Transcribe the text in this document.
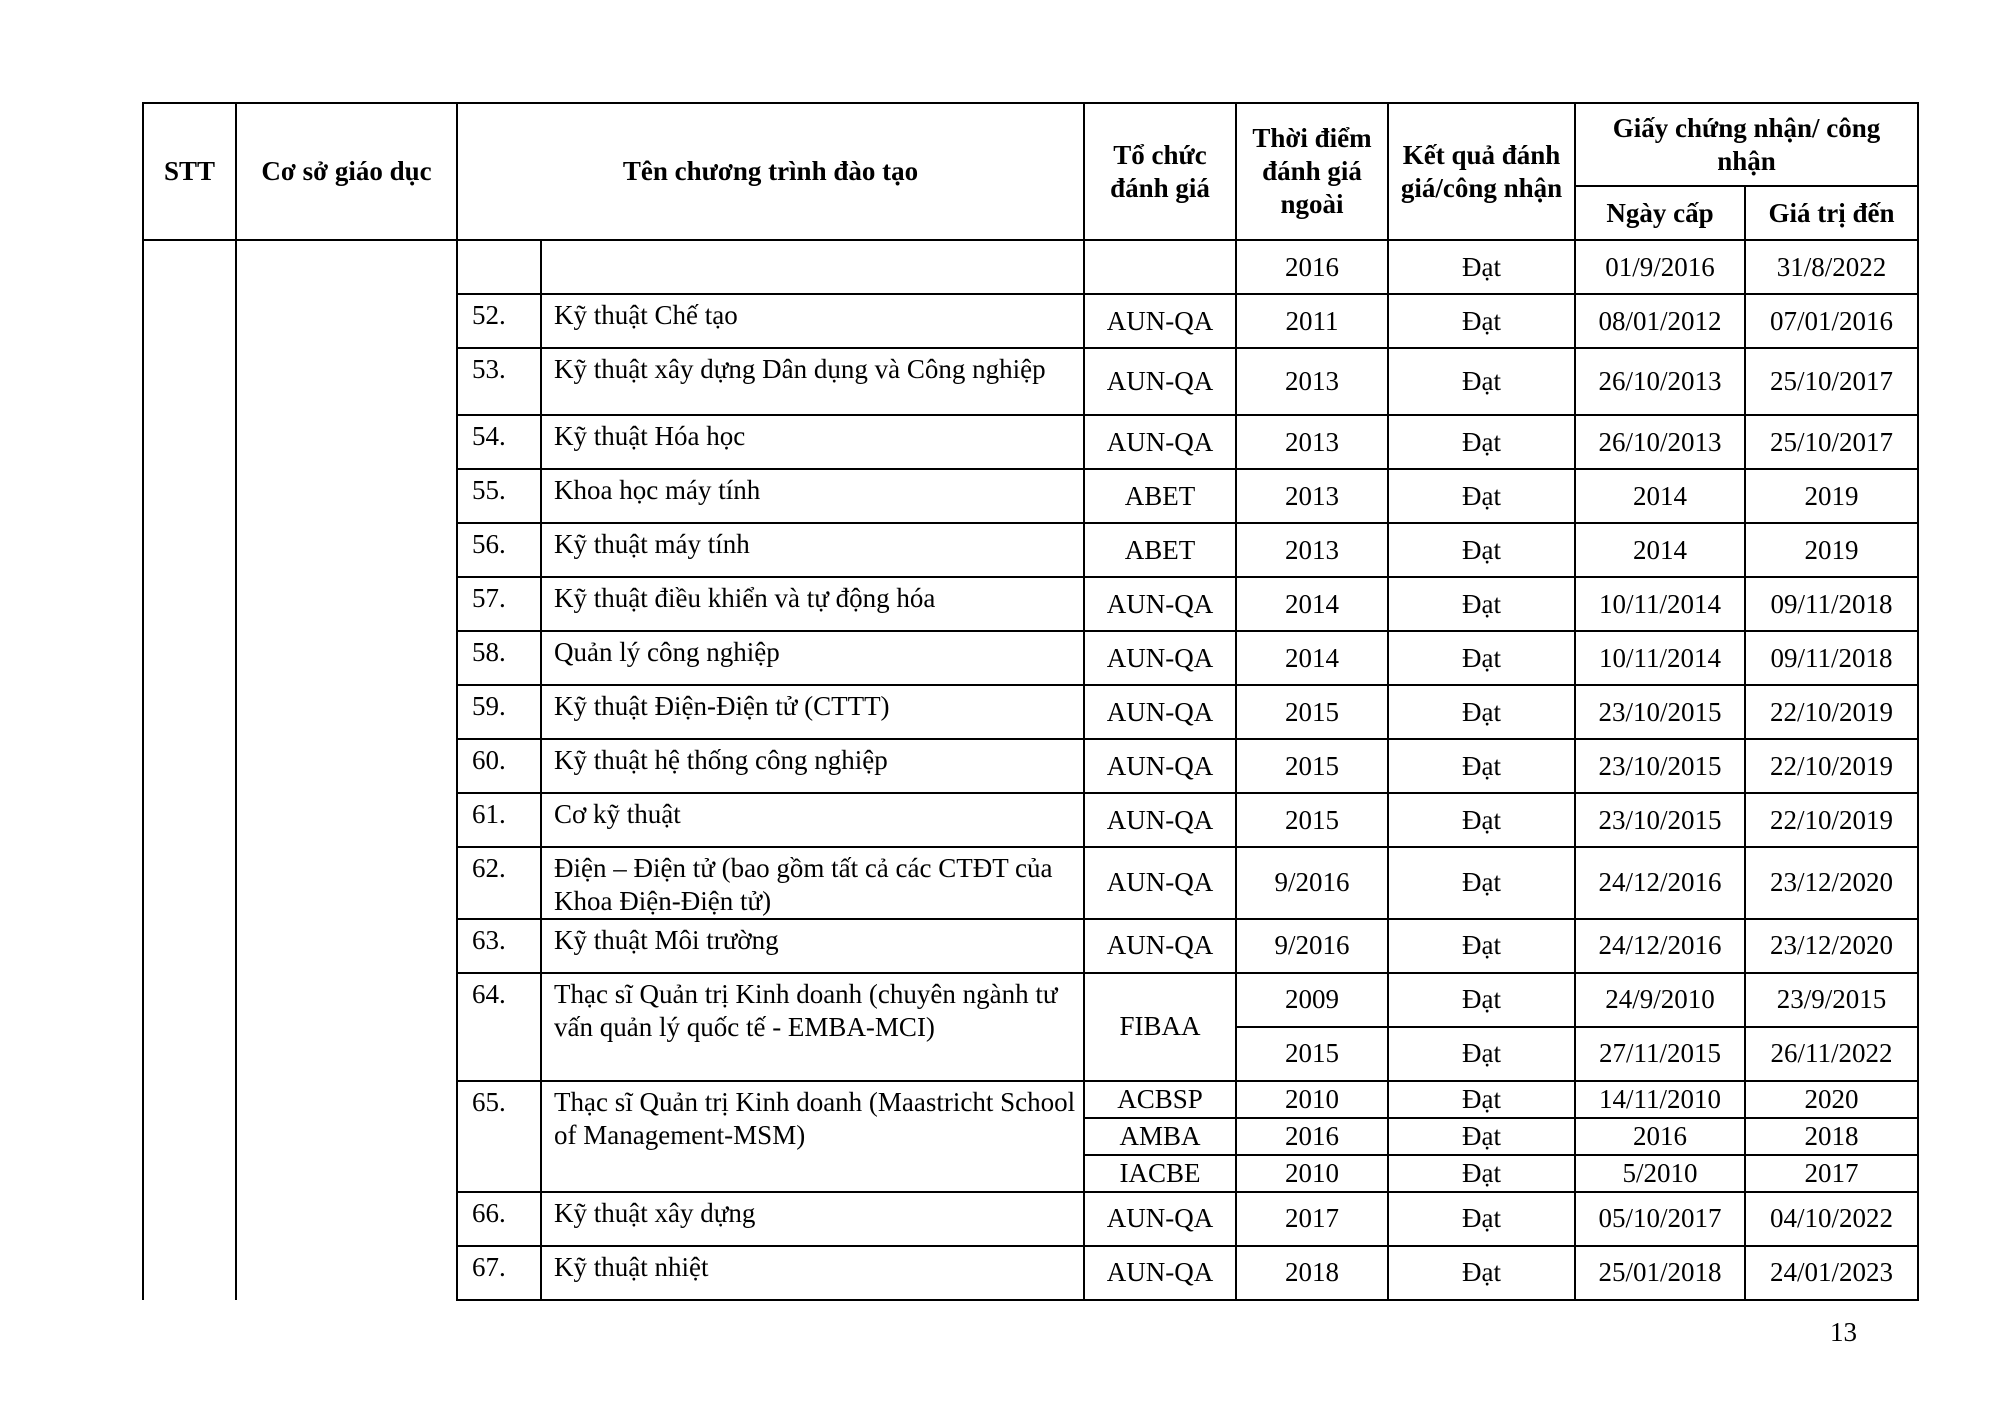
STT	Cơ sở giáo dục	Tên chương trình đào tạo		Tổ chức đánh giá	Thời điểm đánh giá ngoài	Kết quả đánh giá/công nhận	Giấy chứng nhận/ công nhận	
							Ngày cấp	Giá trị đến
					2016	Đạt	01/9/2016	31/8/2022
		52.	Kỹ thuật Chế tạo	AUN-QA	2011	Đạt	08/01/2012	07/01/2016
		53.	Kỹ thuật xây dựng Dân dụng và Công nghiệp	AUN-QA	2013	Đạt	26/10/2013	25/10/2017
		54.	Kỹ thuật Hóa học	AUN-QA	2013	Đạt	26/10/2013	25/10/2017
		55.	Khoa học máy tính	ABET	2013	Đạt	2014	2019
		56.	Kỹ thuật máy tính	ABET	2013	Đạt	2014	2019
		57.	Kỹ thuật điều khiển và tự động hóa	AUN-QA	2014	Đạt	10/11/2014	09/11/2018
		58.	Quản lý công nghiệp	AUN-QA	2014	Đạt	10/11/2014	09/11/2018
		59.	Kỹ thuật Điện-Điện tử (CTTT)	AUN-QA	2015	Đạt	23/10/2015	22/10/2019
		60.	Kỹ thuật hệ thống công nghiệp	AUN-QA	2015	Đạt	23/10/2015	22/10/2019
		61.	Cơ kỹ thuật	AUN-QA	2015	Đạt	23/10/2015	22/10/2019
		62.	Điện – Điện tử (bao gồm tất cả các CTĐT của Khoa Điện-Điện tử)	AUN-QA	9/2016	Đạt	24/12/2016	23/12/2020
		63.	Kỹ thuật Môi trường	AUN-QA	9/2016	Đạt	24/12/2016	23/12/2020
		64.	Thạc sĩ Quản trị Kinh doanh (chuyên ngành tư vấn quản lý quốc tế - EMBA-MCI)	FIBAA	2009	Đạt	24/9/2010	23/9/2015
					2015	Đạt	27/11/2015	26/11/2022
		65.	Thạc sĩ Quản trị Kinh doanh (Maastricht School of Management-MSM)	ACBSP	2010	Đạt	14/11/2010	2020
				AMBA	2016	Đạt	2016	2018
				IACBE	2010	Đạt	5/2010	2017
		66.	Kỹ thuật xây dựng	AUN-QA	2017	Đạt	05/10/2017	04/10/2022
		67.	Kỹ thuật nhiệt	AUN-QA	2018	Đạt	25/01/2018	24/01/2023
13
